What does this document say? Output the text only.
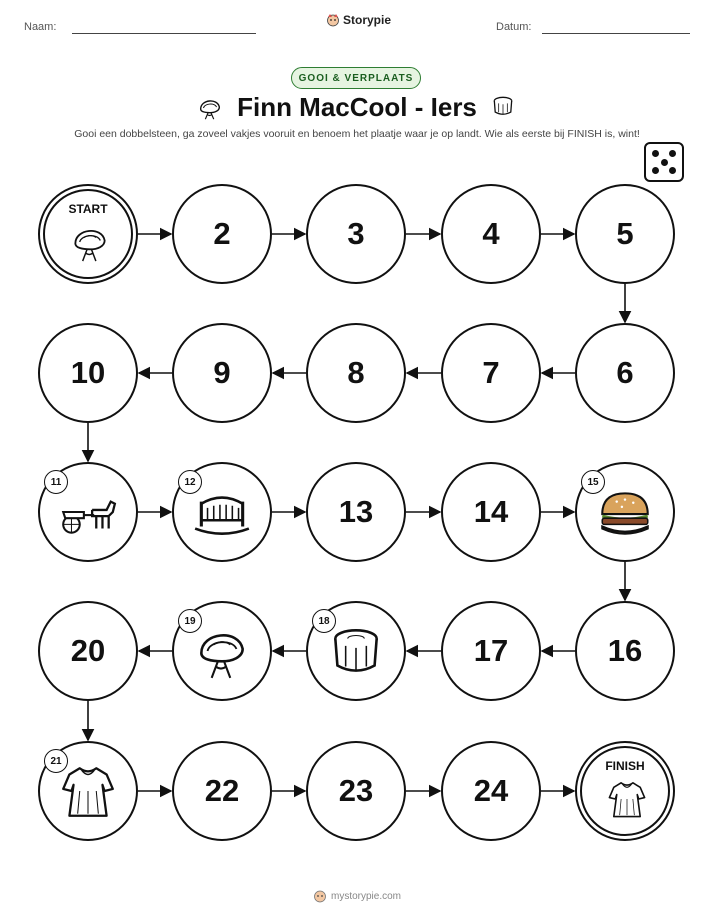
Naam:	Storypie	Datum:
GOOI & VERPLAATS
Finn MacCool - Iers
Gooi een dobbelsteen, ga zoveel vakjes vooruit en benoem het plaatje waar je op landt. Wie als eerste bij FINISH is, wint!
START
2	3	4	5
6
7
8
9
10
11	12
13	14
15
16
17
18
19
20
21
22	23	24
FINISH
mystorypie.com
